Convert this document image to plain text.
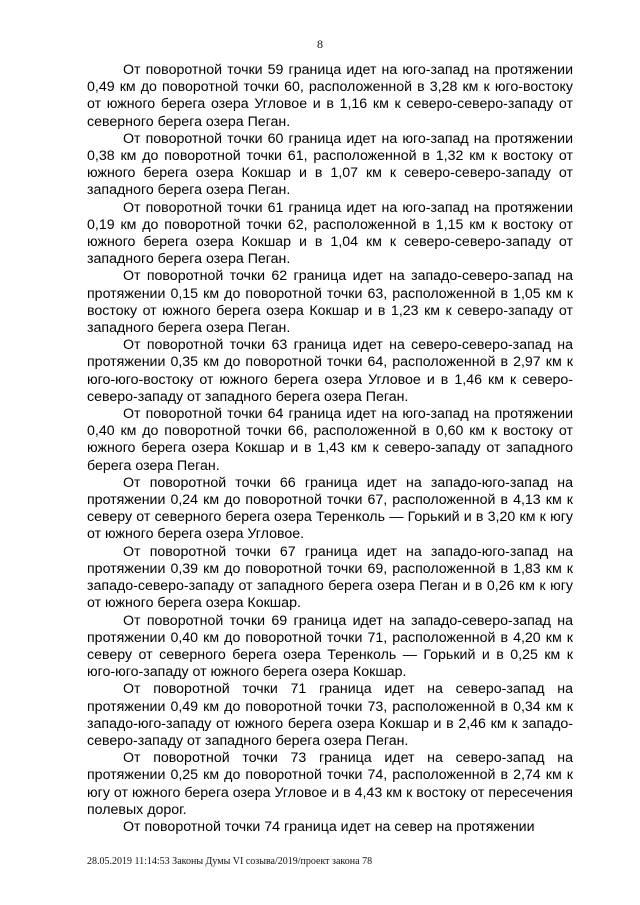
8

От поворотной точки 59 граница идет на юго-запад на протяжении 0,49 км до поворотной точки 60, расположенной в 3,28 км к юго-востоку от южного берега озера Угловое и в 1,16 км к северо-северо-западу от северного берега озера Пеган.

От поворотной точки 60 граница идет на юго-запад на протяжении 0,38 км до поворотной точки 61, расположенной в 1,32 км к востоку от южного берега озера Кокшар и в 1,07 км к северо-северо-западу от западного берега озера Пеган.

От поворотной точки 61 граница идет на юго-запад на протяжении 0,19 км до поворотной точки 62, расположенной в 1,15 км к востоку от южного берега озера Кокшар и в 1,04 км к северо-северо-западу от западного берега озера Пеган.

От поворотной точки 62 граница идет на западо-северо-запад на протяжении 0,15 км до поворотной точки 63, расположенной в 1,05 км к востоку от южного берега озера Кокшар и в 1,23 км к северо-западу от западного берега озера Пеган.

От поворотной точки 63 граница идет на северо-северо-запад на протяжении 0,35 км до поворотной точки 64, расположенной в 2,97 км к юго-юго-востоку от южного берега озера Угловое и в 1,46 км к северо-северо-западу от западного берега озера Пеган.

От поворотной точки 64 граница идет на юго-запад на протяжении 0,40 км до поворотной точки 66, расположенной в 0,60 км к востоку от южного берега озера Кокшар и в 1,43 км к северо-западу от западного берега озера Пеган.

От поворотной точки 66 граница идет на западо-юго-запад на протяжении 0,24 км до поворотной точки 67, расположенной в 4,13 км к северу от северного берега озера Теренколь — Горький и в 3,20 км к югу от южного берега озера Угловое.

От поворотной точки 67 граница идет на западо-юго-запад на протяжении 0,39 км до поворотной точки 69, расположенной в 1,83 км к западо-северо-западу от западного берега озера Пеган и в 0,26 км к югу от южного берега озера Кокшар.

От поворотной точки 69 граница идет на западо-северо-запад на протяжении 0,40 км до поворотной точки 71, расположенной в 4,20 км к северу от северного берега озера Теренколь — Горький и в 0,25 км к юго-юго-западу от южного берега озера Кокшар.

От поворотной точки 71 граница идет на северо-запад на протяжении 0,49 км до поворотной точки 73, расположенной в 0,34 км к западо-юго-западу от южного берега озера Кокшар и в 2,46 км к западо-северо-западу от западного берега озера Пеган.

От поворотной точки 73 граница идет на северо-запад на протяжении 0,25 км до поворотной точки 74, расположенной в 2,74 км к югу от южного берега озера Угловое и в 4,43 км к востоку от пересечения полевых дорог.

От поворотной точки 74 граница идет на север на протяжении

28.05.2019 11:14:53 Законы Думы VI созыва/2019/проект закона 78
